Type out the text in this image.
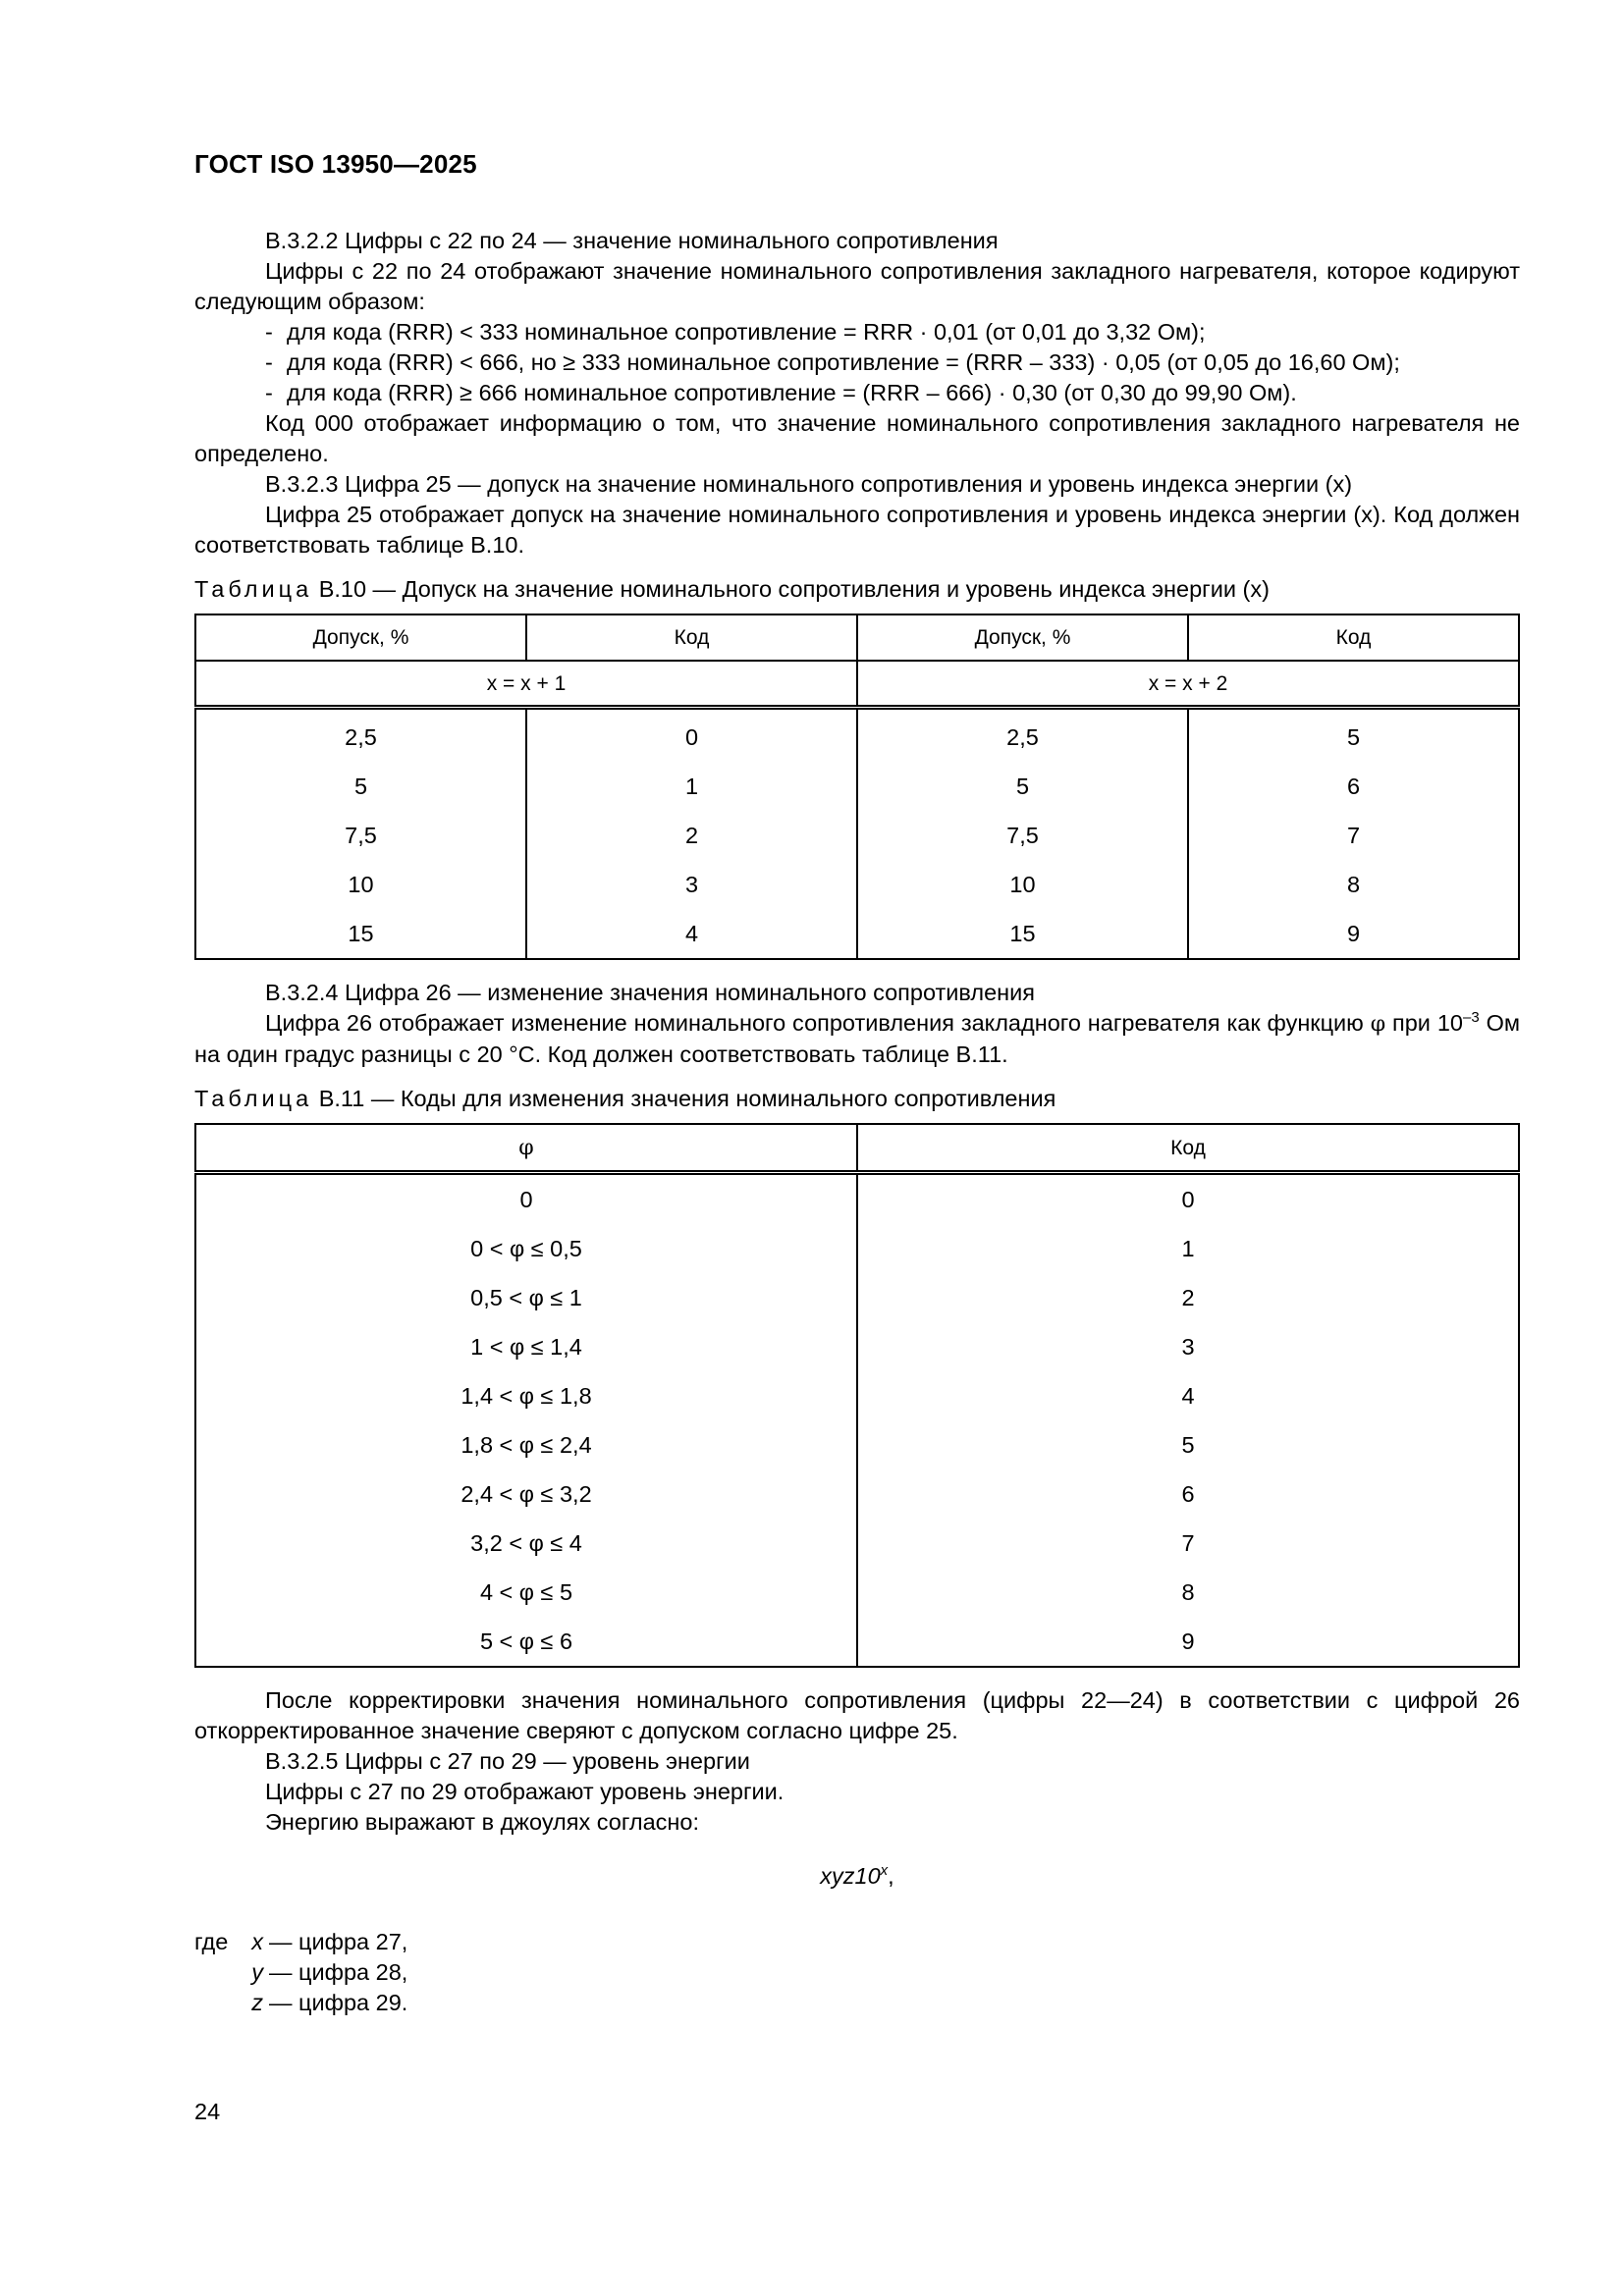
ГОСТ ISO 13950—2025

В.3.2.2 Цифры с 22 по 24 — значение номинального сопротивления

Цифры с 22 по 24 отображают значение номинального сопротивления закладного нагревателя, которое кодируют следующим образом:

- для кода (RRR) < 333 номинальное сопротивление = RRR · 0,01 (от 0,01 до 3,32 Ом);

- для кода (RRR) < 666, но ≥ 333 номинальное сопротивление = (RRR – 333) · 0,05 (от 0,05 до 16,60 Ом);

- для кода (RRR) ≥ 666 номинальное сопротивление = (RRR – 666) · 0,30 (от 0,30 до 99,90 Ом).

Код 000 отображает информацию о том, что значение номинального сопротивления закладного нагревателя не определено.

В.3.2.3 Цифра 25 — допуск на значение номинального сопротивления и уровень индекса энергии (x)

Цифра 25 отображает допуск на значение номинального сопротивления и уровень индекса энергии (x). Код должен соответствовать таблице В.10.

Таблица В.10 — Допуск на значение номинального сопротивления и уровень индекса энергии (x)

Допуск, %	Код	Допуск, %	Код
x = x + 1		x = x + 2	
2,5	0	2,5	5
5	1	5	6
7,5	2	7,5	7
10	3	10	8
15	4	15	9

В.3.2.4 Цифра 26 — изменение значения номинального сопротивления

Цифра 26 отображает изменение номинального сопротивления закладного нагревателя как функцию φ при $10^{-3}$ Ом на один градус разницы с 20 °C. Код должен соответствовать таблице В.11.

Таблица В.11 — Коды для изменения значения номинального сопротивления

φ	Код
0	0
0 < φ ≤ 0,5	1
0,5 < φ ≤ 1	2
1 < φ ≤ 1,4	3
1,4 < φ ≤ 1,8	4
1,8 < φ ≤ 2,4	5
2,4 < φ ≤ 3,2	6
3,2 < φ ≤ 4	7
4 < φ ≤ 5	8
5 < φ ≤ 6	9

После корректировки значения номинального сопротивления (цифры 22—24) в соответствии с цифрой 26 откорректированное значение сверяют с допуском согласно цифре 25.

В.3.2.5 Цифры с 27 по 29 — уровень энергии

Цифры с 27 по 29 отображают уровень энергии.

Энергию выражают в джоулях согласно:

xyz10$^x$,

где	x — цифра 27,
y — цифра 28,
z — цифра 29.
24
